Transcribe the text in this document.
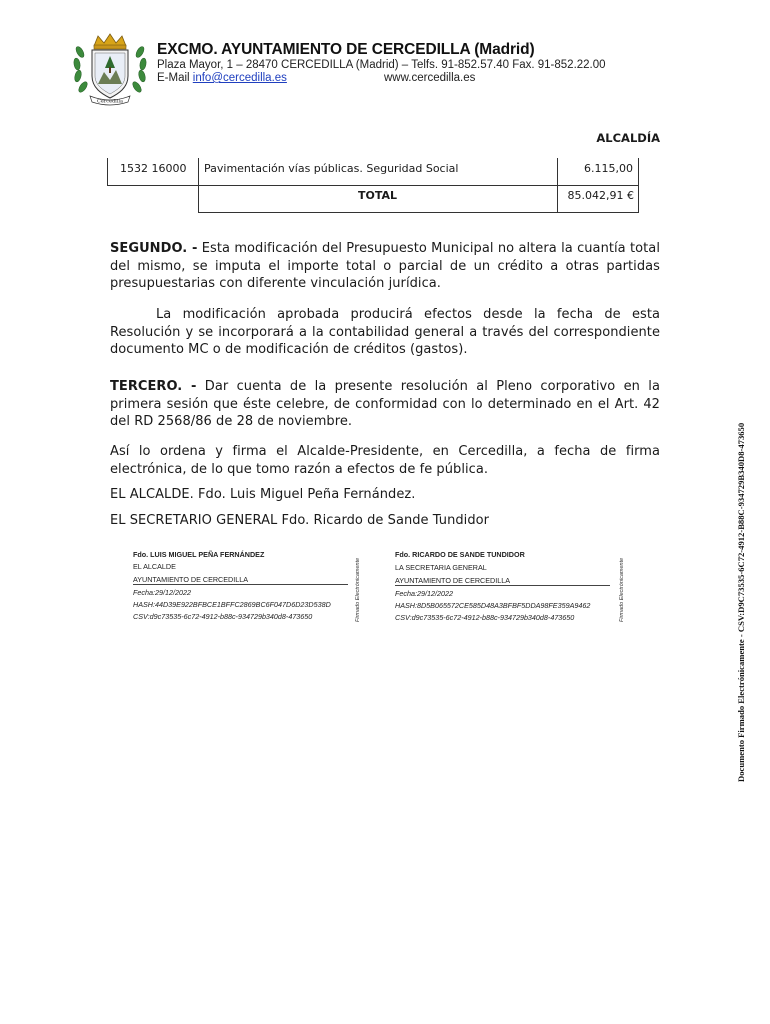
Cercedilla
EXCMO. AYUNTAMIENTO DE CERCEDILLA (Madrid)
Plaza Mayor, 1 – 28470 CERCEDILLA (Madrid) – Telfs. 91-852.57.40 Fax. 91-852.22.00
E-Mail info@cercedilla.es	www.cercedilla.es
ALCALDÍA
1532 16000 Pavimentación vías públicas. Seguridad Social	6.115,00
TOTAL	85.042,91 €
SEGUNDO. - Esta modificación del Presupuesto Municipal no altera la cuantía total del mismo, se imputa el importe total o parcial de un crédito a otras partidas presupuestarias con diferente vinculación jurídica.
La modificación aprobada producirá efectos desde la fecha de esta Resolución y se incorporará a la contabilidad general a través del correspondiente documento MC o de modificación de créditos (gastos).
TERCERO. - Dar cuenta de la presente resolución al Pleno corporativo en la primera sesión que éste celebre, de conformidad con lo determinado en el Art. 42 del RD 2568/86 de 28 de noviembre.
Así lo ordena y firma el Alcalde-Presidente, en Cercedilla, a fecha de firma electrónica, de lo que tomo razón a efectos de fe pública.
EL ALCALDE. Fdo. Luis Miguel Peña Fernández.
EL SECRETARIO GENERAL Fdo. Ricardo de Sande Tundidor
Fdo. LUIS MIGUEL PEÑA FERNÁNDEZ
EL ALCALDE
AYUNTAMIENTO DE CERCEDILLA
Fecha:29/12/2022
HASH:44D39E922BFBCE1BFFC2869BC6F047D6D23D538D
CSV:d9c73535-6c72-4912-b88c-934729b340d8-473650	Firmado Electrónicamente
Fdo. RICARDO DE SANDE TUNDIDOR
LA SECRETARIA GENERAL
AYUNTAMIENTO DE CERCEDILLA
Fecha:29/12/2022
HASH:8D5B065572CE585D48A3BFBF5DDA98FE359A9462
CSV:d9c73535-6c72-4912-b88c-934729b340d8-473650	Firmado Electrónicamente	Documento Firmado Electrónicamente - CSV:D9C73535-6C72-4912-B88C-934729B340D8-473650
